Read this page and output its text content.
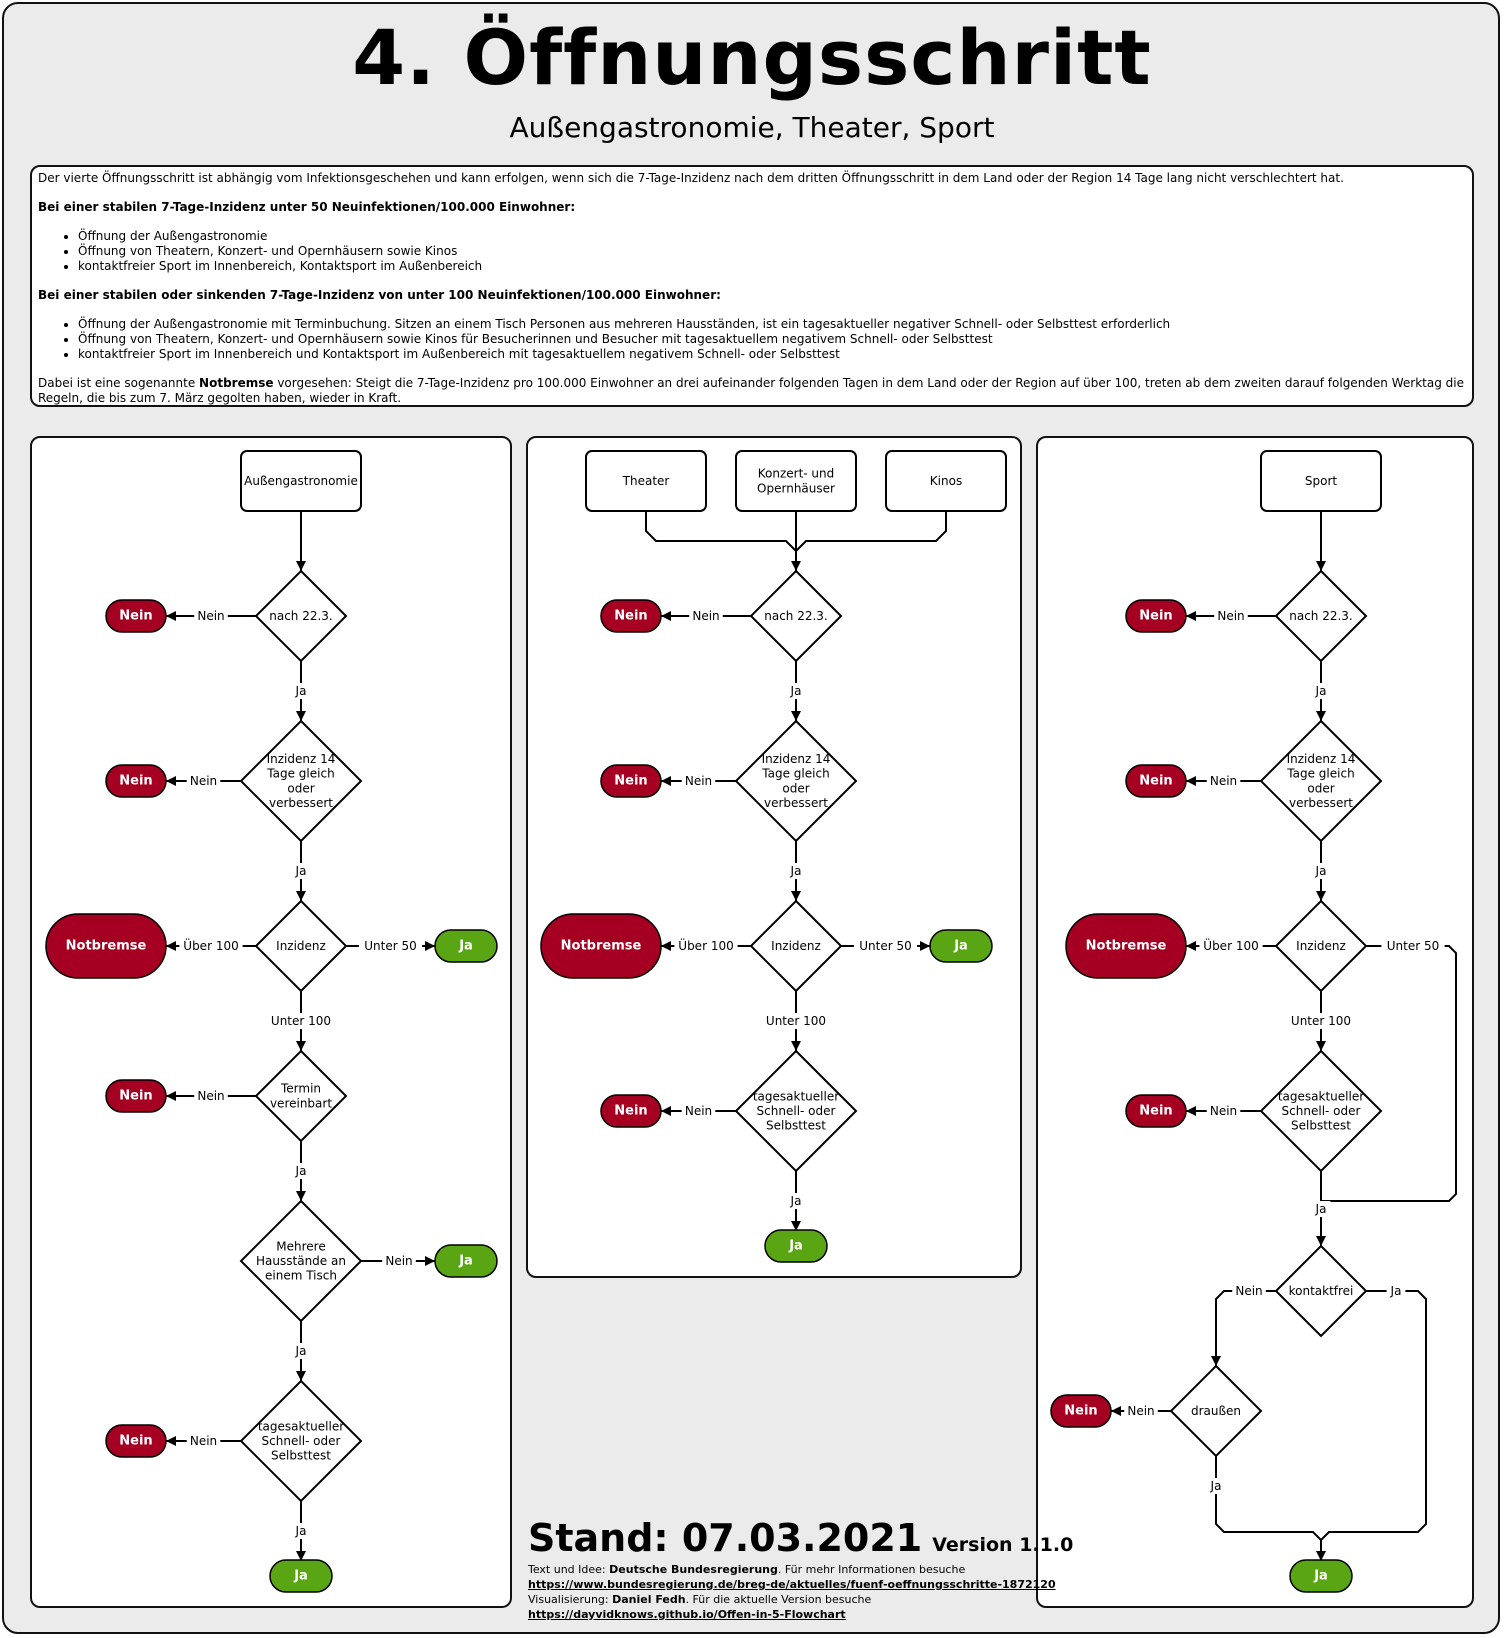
4. Öffnungsschritt
Außengastronomie, Theater, Sport

Der vierte Öffnungsschritt ist abhängig vom Infektionsgeschehen und kann erfolgen, wenn sich die 7-Tage-Inzidenz nach dem dritten Öffnungsschritt in dem Land oder der Region 14 Tage lang nicht verschlechtert hat.

Bei einer stabilen 7-Tage-Inzidenz unter 50 Neuinfektionen/100.000 Einwohner:

• Öffnung der Außengastronomie
• Öffnung von Theatern, Konzert- und Opernhäusern sowie Kinos
• kontaktfreier Sport im Innenbereich, Kontaktsport im Außenbereich

Bei einer stabilen oder sinkenden 7-Tage-Inzidenz von unter 100 Neuinfektionen/100.000 Einwohner:

• Öffnung der Außengastronomie mit Terminbuchung. Sitzen an einem Tisch Personen aus mehreren Hausständen, ist ein tagesaktueller negativer Schnell- oder Selbsttest erforderlich
• Öffnung von Theatern, Konzert- und Opernhäusern sowie Kinos für Besucherinnen und Besucher mit tagesaktuellem negativem Schnell- oder Selbsttest
• kontaktfreier Sport im Innenbereich und Kontaktsport im Außenbereich mit tagesaktuellem negativem Schnell- oder Selbsttest

Dabei ist eine sogenannte Notbremse vorgesehen: Steigt die 7-Tage-Inzidenz pro 100.000 Einwohner an drei aufeinander folgenden Tagen in dem Land oder der Region auf über 100, treten ab dem zweiten darauf folgenden Werktag die Regeln, die bis zum 7. März gegolten haben, wieder in Kraft.

Außengastronomie
nach 22.3.
Nein
Inzidenz 14 Tage gleich oder verbessert
Nein
Inzidenz
Notbremse	Ja
Termin vereinbart
Nein
Mehrere Hausstände an einem Tisch
Ja
tagesaktueller Schnell- oder Selbsttest
Nein
Ja
Theater
Konzert- und Opernhäuser
Kinos
nach 22.3.
Nein
Inzidenz 14 Tage gleich oder verbessert
Nein
Inzidenz
Notbremse	Ja
tagesaktueller Schnell- oder Selbsttest
Nein
Ja
Sport
nach 22.3.
Nein
Inzidenz 14 Tage gleich oder verbessert
Nein
Inzidenz
Notbremse
tagesaktueller Schnell- oder Selbsttest
Nein
kontaktfrei
draußen
Nein
Ja
Nein
Ja
Nein
Ja
Über 100	Unter 50
Unter 100
Nein
Ja
Nein
Ja
Nein
Ja
Nein
Ja
Nein
Ja
Über 100	Unter 50
Unter 100
Nein
Ja
Nein
Ja
Nein
Ja
Über 100	Unter 50
Unter 100
Nein
Ja
Nein
Nein
Ja
Ja
Stand: 07.03.2021 Version 1.1.0
Text und Idee: Deutsche Bundesregierung. Für mehr Informationen besuche
https://www.bundesregierung.de/breg-de/aktuelles/fuenf-oeffnungsschritte-1872120
Visualisierung: Daniel Fedh. Für die aktuelle Version besuche
https://dayvidknows.github.io/Offen-in-5-Flowchart
